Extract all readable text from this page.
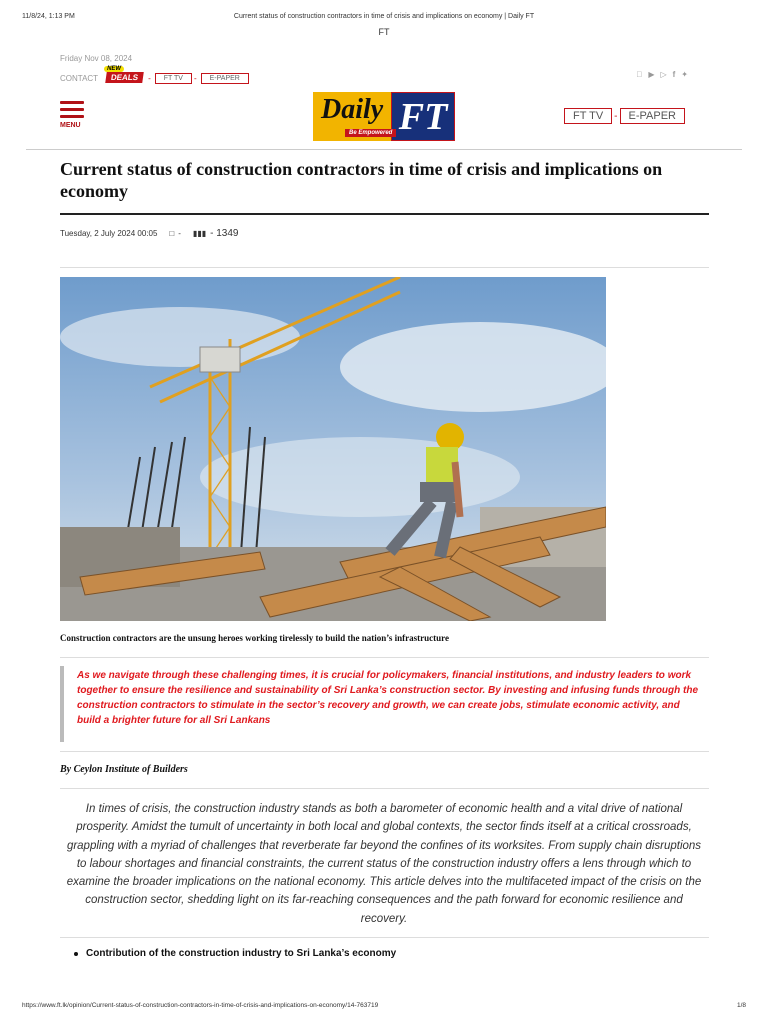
11/8/24, 1:13 PM	Current status of construction contractors in time of crisis and implications on economy | Daily FT
FT
Friday Nov 08, 2024
CONTACT
NEW
DEALS	-	FT TV	-	E-PAPER	▶ ▷ f ✦
MENU
Daily FT
Be Empowered
FT TV	-	E-PAPER
Current status of construction contractors in time of crisis and implications on economy
Tuesday, 2 July 2024 00:05 □ - ▮▮▮ - 1349
Construction contractors are the unsung heroes working tirelessly to build the nation’s infrastructure
As we navigate through these challenging times, it is crucial for policymakers, financial institutions, and industry leaders to work together to ensure the resilience and sustainability of Sri Lanka’s construction sector. By investing and infusing funds through the construction contractors to stimulate in the sector’s recovery and growth, we can create jobs, stimulate economic activity, and build a brighter future for all Sri Lankans
By Ceylon Institute of Builders
In times of crisis, the construction industry stands as both a barometer of economic health and a vital drive of national prosperity. Amidst the tumult of uncertainty in both local and global contexts, the sector finds itself at a critical crossroads, grappling with a myriad of challenges that reverberate far beyond the confines of its worksites. From supply chain disruptions to labour shortages and financial constraints, the current status of the construction industry offers a lens through which to examine the broader implications on the national economy. This article delves into the multifaceted impact of the crisis on the construction sector, shedding light on its far-reaching consequences and the path forward for economic resilience and recovery.
Contribution of the construction industry to Sri Lanka’s economy
https://www.ft.lk/opinion/Current-status-of-construction-contractors-in-time-of-crisis-and-implications-on-economy/14-763719	1/8
